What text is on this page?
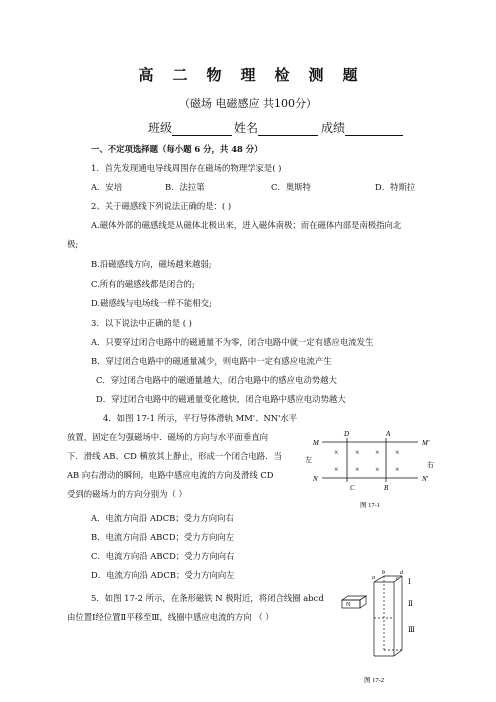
高二物理检测题
（磁场 电磁感应 共100分）
班级	姓名	成绩
一、不定项选择题（每小题 6 分，共 48 分）
1．首先发现通电导线周围存在磁场的物理学家是( )
A．安培	B．法拉第	C．奥斯特	D．特斯拉
2、关于磁感线下列说法正确的是：( )
A.磁体外部的磁感线是从磁体北极出来，进入磁体南极；而在磁体内部是南极指向北
极;
B.沿磁感线方向，磁场越来越弱;
C.所有的磁感线都是闭合的;
D.磁感线与电场线一样不能相交;
3．以下说法中正确的是 ( )
A．只要穿过闭合电路中的磁通量不为零，闭合电路中就一定有感应电流发生
B．穿过闭合电路中的磁通量减少，则电路中一定有感应电流产生
C．穿过闭合电路中的磁通量越大，闭合电路中的感应电动势越大
D．穿过闭合电路中的磁通量变化越快，闭合电路中感应电动势越大
4．如图 17-1 所示，平行导体滑轨 MM'、NN'水平
放置，固定在匀强磁场中．磁场的方向与水平面垂直向
下．滑线 AB、CD 横放其上静止，形成一个闭合电路．当
AB 向右滑动的瞬间，电路中感应电流的方向及滑线 CD
受到的磁场力的方向分别为（ ）
A．电流方向沿 ADCB；受力方向向右
B．电流方向沿 ABCD；受力方向向左
C．电流方向沿 ABCD；受力方向向右
D．电流方向沿 ADCB；受力方向向左
× × × ×
× × × ×
M	M'
N	N'
D	A
C	B
左
右
图 17-1
5．如图 17-2 所示，在条形磁铁 N 极附近，将闭合线圈 abcd
由位置Ⅰ经位置Ⅱ平移至Ⅲ，线圈中感应电流的方向 （ ）
N
a
b
c
d
Ⅰ
Ⅱ
Ⅲ
图 17-2
